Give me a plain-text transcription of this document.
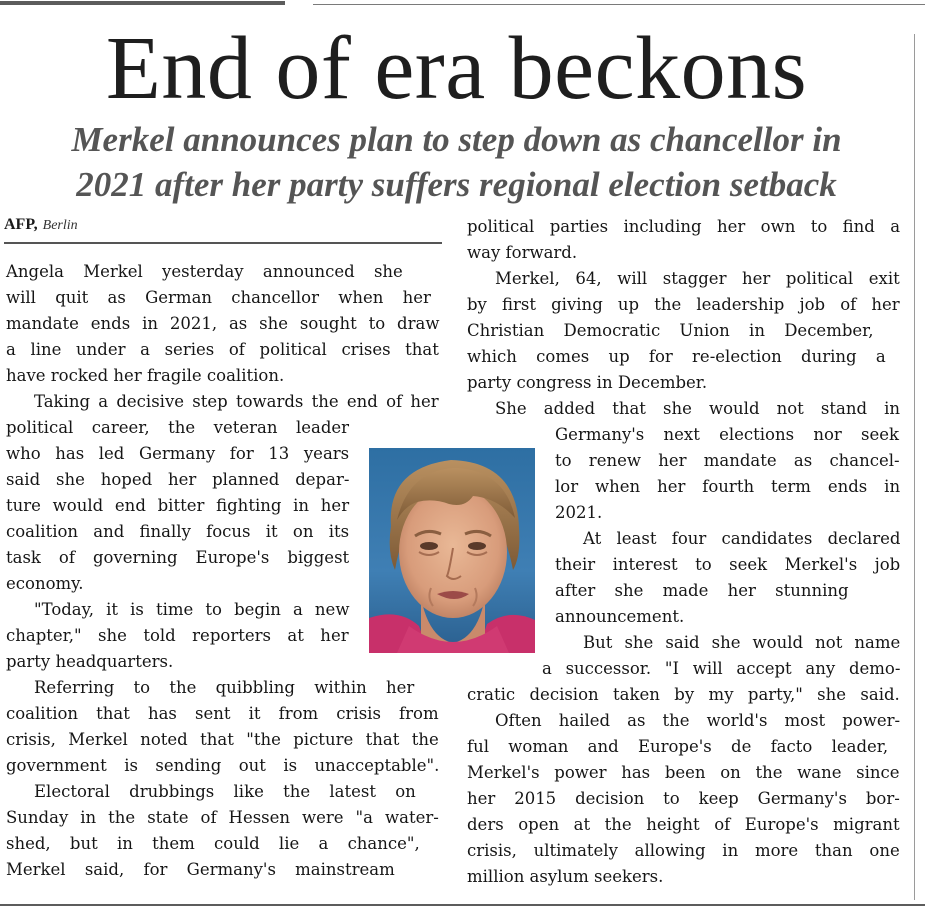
End of era beckons
Merkel announces plan to step down as chancellor in
2021 after her party suffers regional election setback
AFP, Berlin
Angela Merkel yesterday announced she
will quit as German chancellor when her
mandate ends in 2021, as she sought to draw
a line under a series of political crises that
have rocked her fragile coalition.
Taking a decisive step towards the end of her
political career, the veteran leader
who has led Germany for 13 years
said she hoped her planned depar-
ture would end bitter fighting in her
coalition and finally focus it on its
task of governing Europe's biggest
economy.
"Today, it is time to begin a new
chapter," she told reporters at her
party headquarters.
Referring to the quibbling within her
coalition that has sent it from crisis from
crisis, Merkel noted that "the picture that the
government is sending out is unacceptable".
Electoral drubbings like the latest on
Sunday in the state of Hessen were "a water-
shed, but in them could lie a chance",
Merkel said, for Germany's mainstream
political parties including her own to find a
way forward.
Merkel, 64, will stagger her political exit
by first giving up the leadership job of her
Christian Democratic Union in December,
which comes up for re-election during a
party congress in December.
She added that she would not stand in
Germany's next elections nor seek
to renew her mandate as chancel-
lor when her fourth term ends in
2021.
At least four candidates declared
their interest to seek Merkel's job
after she made her stunning
announcement.
But she said she would not name
a successor. "I will accept any demo-
cratic decision taken by my party," she said.
Often hailed as the world's most power-
ful woman and Europe's de facto leader,
Merkel's power has been on the wane since
her 2015 decision to keep Germany's bor-
ders open at the height of Europe's migrant
crisis, ultimately allowing in more than one
million asylum seekers.
